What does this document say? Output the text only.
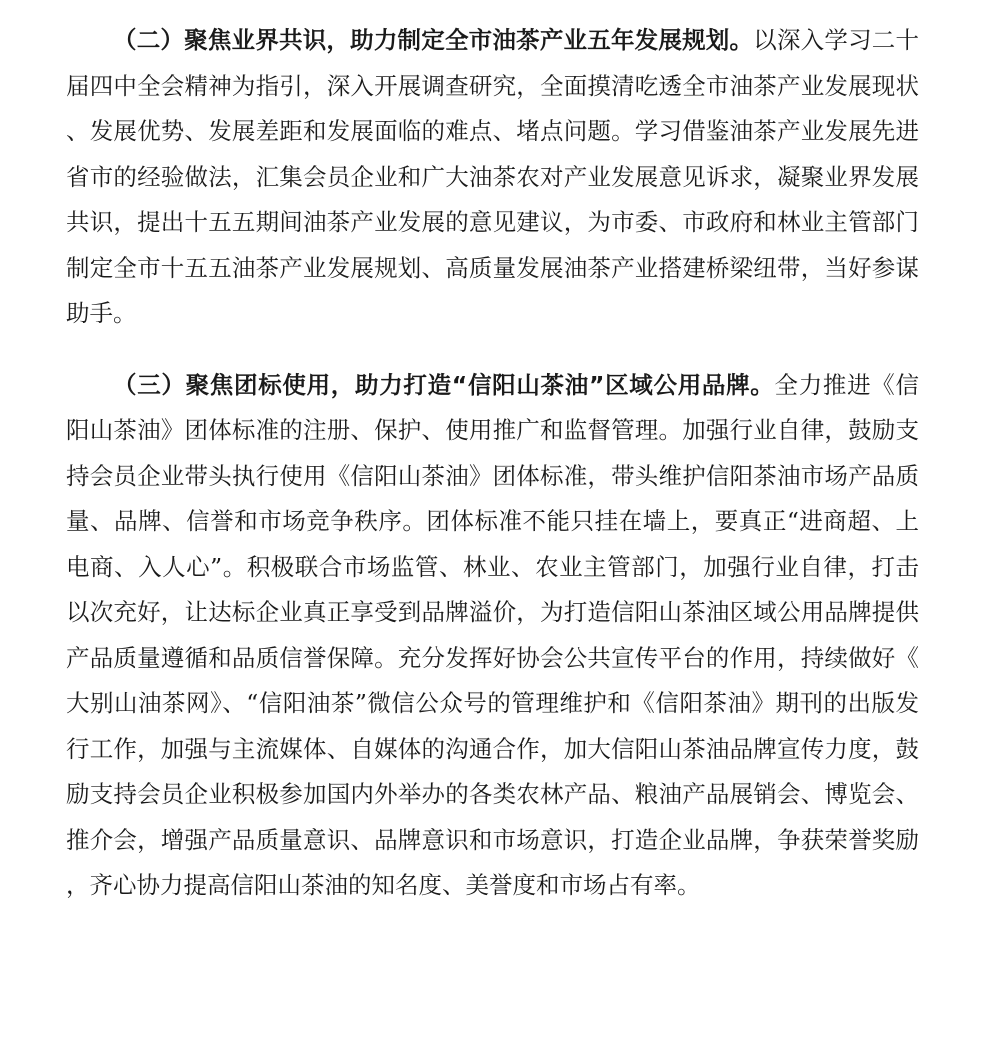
（二）聚焦业界共识，助力制定全市油茶产业五年发展规划。以深入学习二十届四中全会精神为指引，深入开展调查研究，全面摸清吃透全市油茶产业发展现状、发展优势、发展差距和发展面临的难点、堵点问题。学习借鉴油茶产业发展先进省市的经验做法，汇集会员企业和广大油茶农对产业发展意见诉求，凝聚业界发展共识，提出十五五期间油茶产业发展的意见建议，为市委、市政府和林业主管部门制定全市十五五油茶产业发展规划、高质量发展油茶产业搭建桥梁纽带，当好参谋助手。

（三）聚焦团标使用，助力打造“信阳山茶油”区域公用品牌。全力推进《信阳山茶油》团体标准的注册、保护、使用推广和监督管理。加强行业自律，鼓励支持会员企业带头执行使用《信阳山茶油》团体标准，带头维护信阳茶油市场产品质量、品牌、信誉和市场竞争秩序。团体标准不能只挂在墙上，要真正“进商超、上电商、入人心”。积极联合市场监管、林业、农业主管部门，加强行业自律，打击以次充好，让达标企业真正享受到品牌溢价，为打造信阳山茶油区域公用品牌提供产品质量遵循和品质信誉保障。充分发挥好协会公共宣传平台的作用，持续做好《大别山油茶网》、“信阳油茶”微信公众号的管理维护和《信阳茶油》期刊的出版发行工作，加强与主流媒体、自媒体的沟通合作，加大信阳山茶油品牌宣传力度，鼓励支持会员企业积极参加国内外举办的各类农林产品、粮油产品展销会、博览会、推介会，增强产品质量意识、品牌意识和市场意识，打造企业品牌，争获荣誉奖励，齐心协力提高信阳山茶油的知名度、美誉度和市场占有率。
